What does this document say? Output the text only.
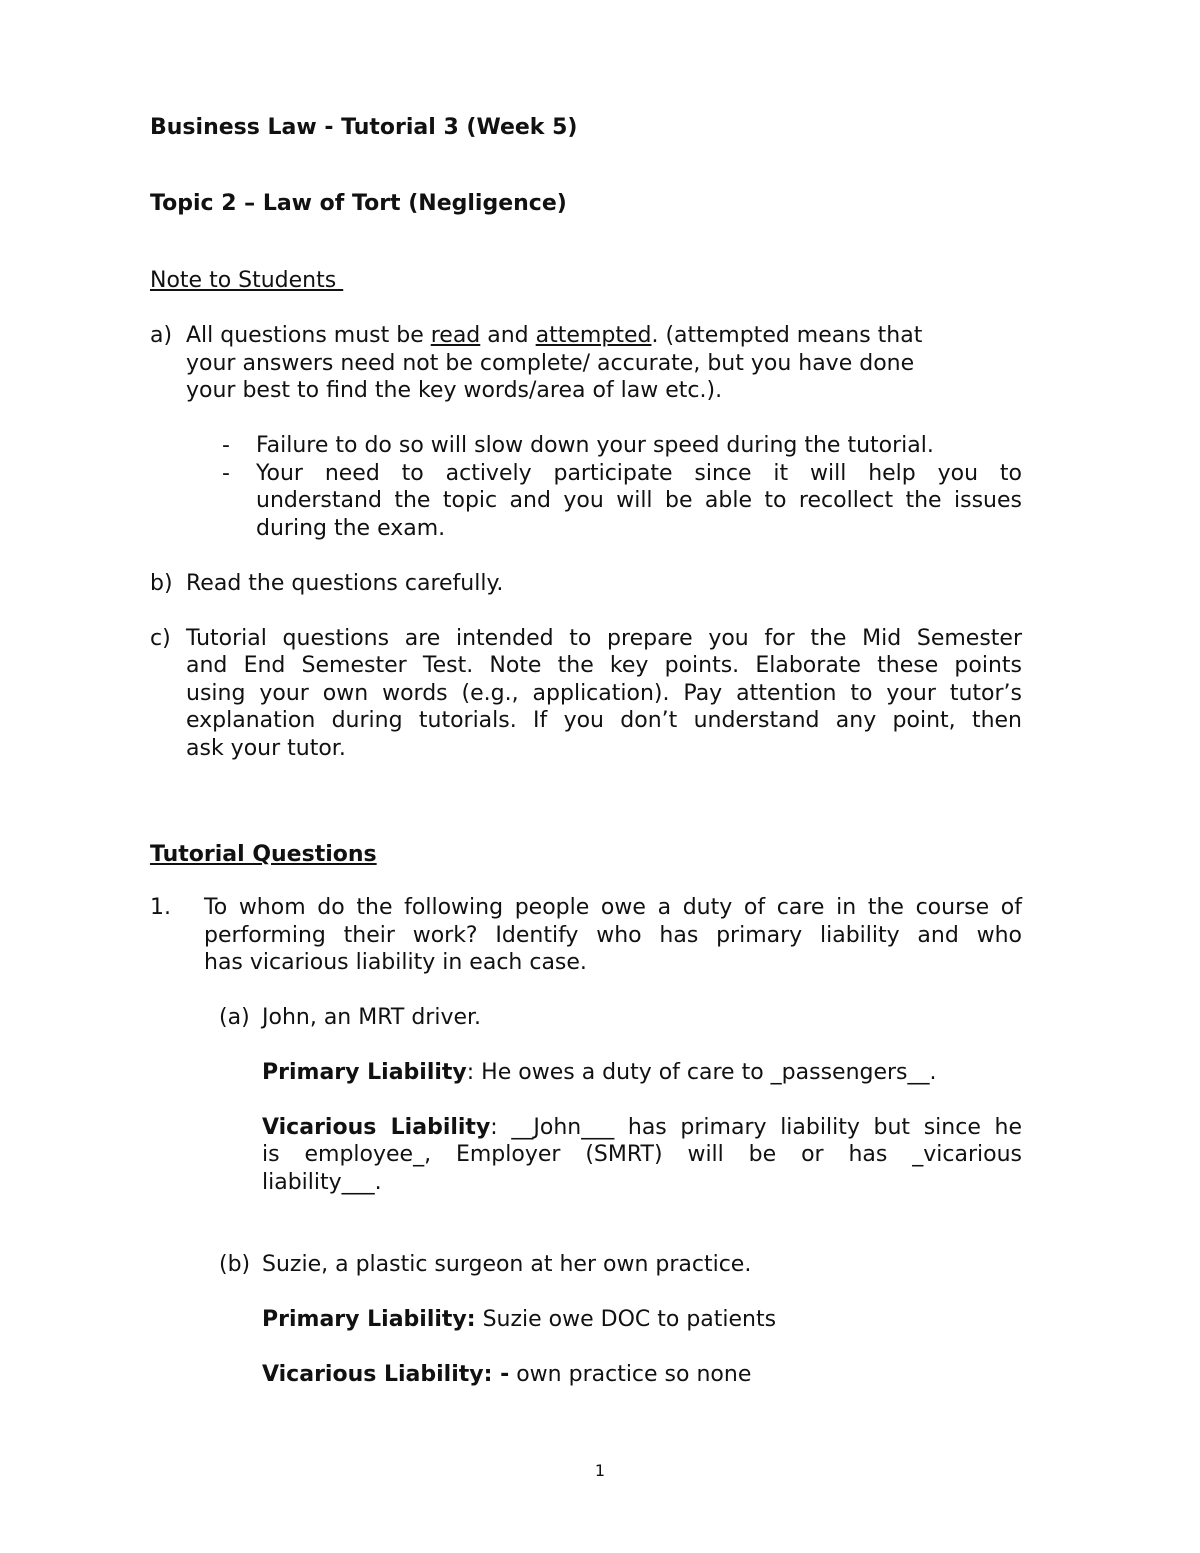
Business Law - Tutorial 3 (Week 5)
Topic 2 – Law of Tort (Negligence)
Note to Students
a) All questions must be read and attempted. (attempted means that
your answers need not be complete/ accurate, but you have done
your best to find the key words/area of law etc.).
- Failure to do so will slow down your speed during the tutorial.
- Your need to actively participate since it will help you to
understand the topic and you will be able to recollect the issues
during the exam.
b) Read the questions carefully.
c) Tutorial questions are intended to prepare you for the Mid Semester
and End Semester Test. Note the key points. Elaborate these points
using your own words (e.g., application). Pay attention to your tutor’s
explanation during tutorials. If you don’t understand any point, then
ask your tutor.
Tutorial Questions
1. To whom do the following people owe a duty of care in the course of
performing their work? Identify who has primary liability and who
has vicarious liability in each case.
(a) John, an MRT driver.
Primary Liability: He owes a duty of care to _passengers__.
Vicarious Liability: __John___ has primary liability but since he
is employee_, Employer (SMRT) will be or has _vicarious
liability___.
(b) Suzie, a plastic surgeon at her own practice.
Primary Liability: Suzie owe DOC to patients
Vicarious Liability: - own practice so none
1
